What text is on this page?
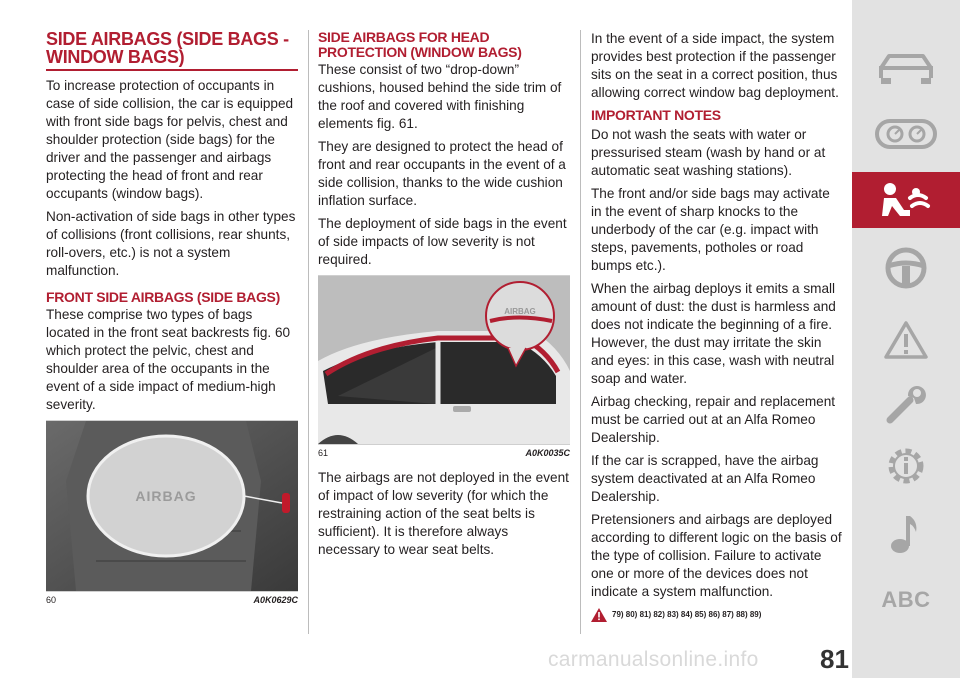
SIDE AIRBAGS (SIDE BAGS - WINDOW BAGS)

To increase protection of occupants in case of side collision, the car is equipped with front side bags for pelvis, chest and shoulder protection (side bags) for the driver and the passenger and airbags protecting the head of front and rear occupants (window bags).

Non-activation of side bags in other types of collisions (front collisions, rear shunts, roll-overs, etc.) is not a system malfunction.

FRONT SIDE AIRBAGS (SIDE BAGS)

These comprise two types of bags located in the front seat backrests fig. 60 which protect the pelvic, chest and shoulder area of the occupants in the event of a side impact of medium-high severity.

AIRBAG
60	A0K0629C
SIDE AIRBAGS FOR HEAD PROTECTION (WINDOW BAGS)

These consist of two “drop-down” cushions, housed behind the side trim of the roof and covered with finishing elements fig. 61.

They are designed to protect the head of front and rear occupants in the event of a side collision, thanks to the wide cushion inflation surface.

The deployment of side bags in the event of side impacts of low severity is not required.

AIRBAG
61	A0K0035C

The airbags are not deployed in the event of impact of low severity (for which the restraining action of the seat belts is sufficient). It is therefore always necessary to wear seat belts.

In the event of a side impact, the system provides best protection if the passenger sits on the seat in a correct position, thus allowing correct window bag deployment.

IMPORTANT NOTES

Do not wash the seats with water or pressurised steam (wash by hand or at automatic seat washing stations).

The front and/or side bags may activate in the event of sharp knocks to the underbody of the car (e.g. impact with steps, pavements, potholes or road bumps etc.).

When the airbag deploys it emits a small amount of dust: the dust is harmless and does not indicate the beginning of a fire. However, the dust may irritate the skin and eyes: in this case, wash with neutral soap and water.

Airbag checking, repair and replacement must be carried out at an Alfa Romeo Dealership.

If the car is scrapped, have the airbag system deactivated at an Alfa Romeo Dealership.

Pretensioners and airbags are deployed according to different logic on the basis of the type of collision. Failure to activate one or more of the devices does not indicate a system malfunction.

79) 80) 81) 82) 83) 84) 85) 86) 87) 88) 89)
ABC
carmanualsonline.info 81
